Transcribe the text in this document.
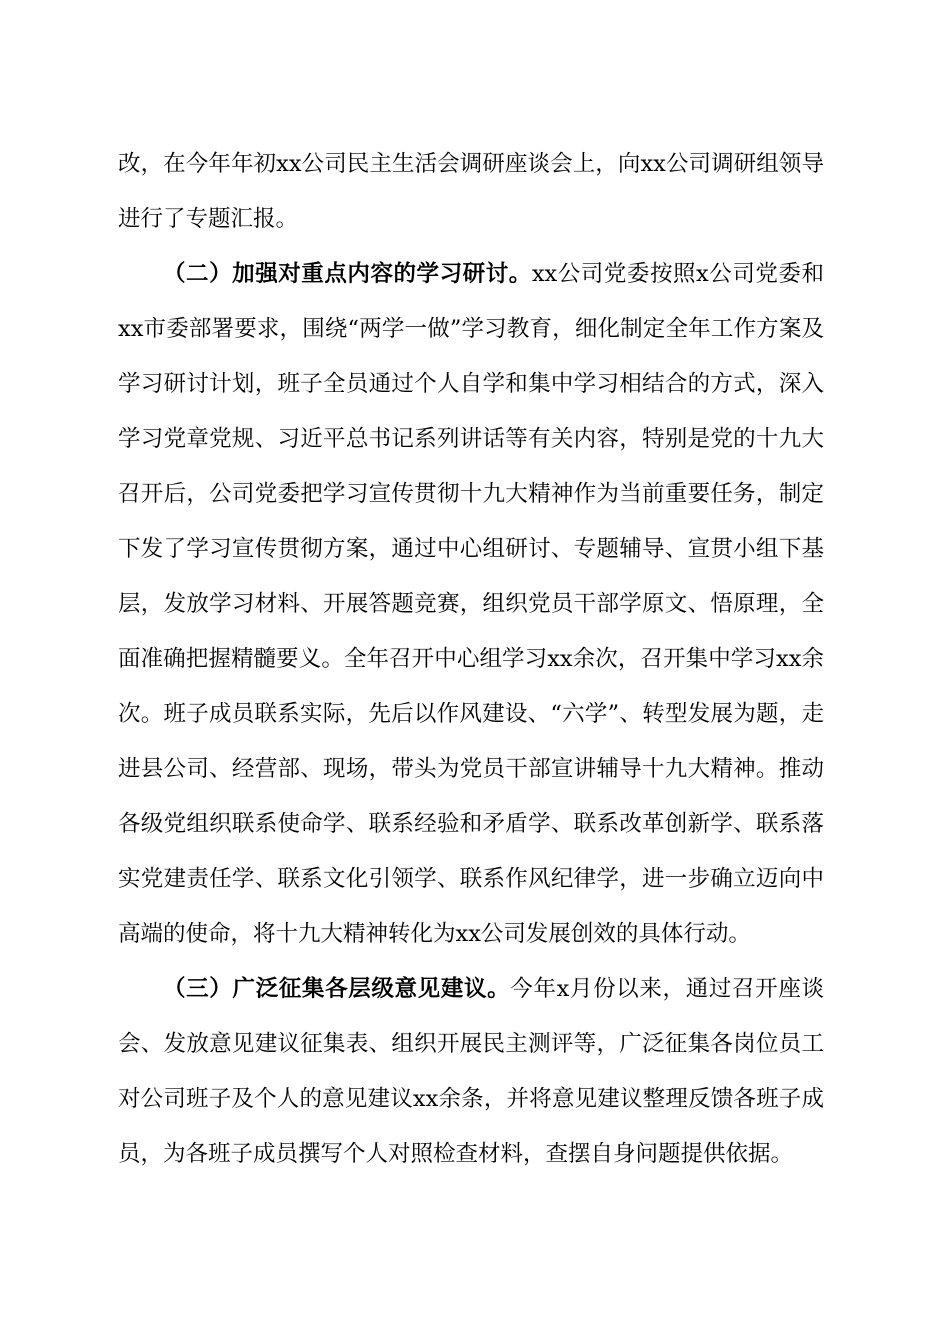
改，在今年年初xx公司民主生活会调研座谈会上，向xx公司调研组领导进行了专题汇报。

（二）加强对重点内容的学习研讨。xx公司党委按照x公司党委和xx市委部署要求，围绕“两学一做”学习教育，细化制定全年工作方案及学习研讨计划，班子全员通过个人自学和集中学习相结合的方式，深入学习党章党规、习近平总书记系列讲话等有关内容，特别是党的十九大召开后，公司党委把学习宣传贯彻十九大精神作为当前重要任务，制定下发了学习宣传贯彻方案，通过中心组研讨、专题辅导、宣贯小组下基层，发放学习材料、开展答题竞赛，组织党员干部学原文、悟原理，全面准确把握精髓要义。全年召开中心组学习xx余次，召开集中学习xx余次。班子成员联系实际，先后以作风建设、“六学”、转型发展为题，走进县公司、经营部、现场，带头为党员干部宣讲辅导十九大精神。推动各级党组织联系使命学、联系经验和矛盾学、联系改革创新学、联系落实党建责任学、联系文化引领学、联系作风纪律学，进一步确立迈向中高端的使命，将十九大精神转化为xx公司发展创效的具体行动。

（三）广泛征集各层级意见建议。今年x月份以来，通过召开座谈会、发放意见建议征集表、组织开展民主测评等，广泛征集各岗位员工对公司班子及个人的意见建议xx余条，并将意见建议整理反馈各班子成员，为各班子成员撰写个人对照检查材料，查摆自身问题提供依据。
